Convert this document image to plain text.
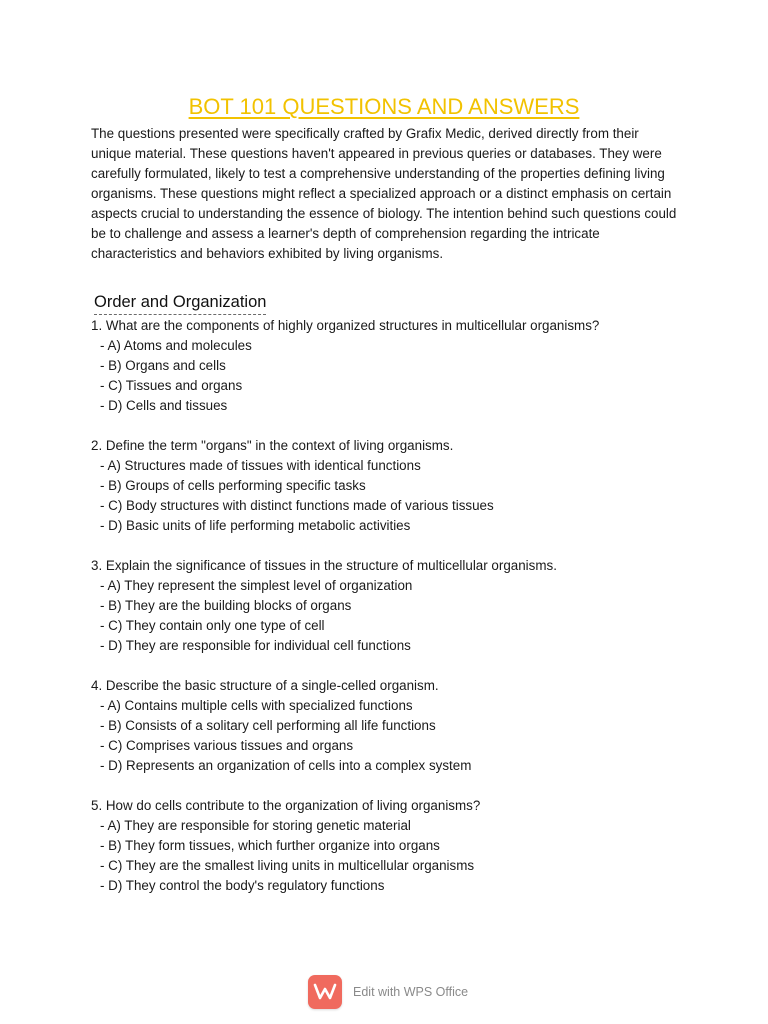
BOT 101 QUESTIONS AND ANSWERS

The questions presented were specifically crafted by Grafix Medic, derived directly from their unique material. These questions haven't appeared in previous queries or databases. They were carefully formulated, likely to test a comprehensive understanding of the properties defining living organisms. These questions might reflect a specialized approach or a distinct emphasis on certain aspects crucial to understanding the essence of biology. The intention behind such questions could be to challenge and assess a learner's depth of comprehension regarding the intricate characteristics and behaviors exhibited by living organisms.

Order and Organization

1. What are the components of highly organized structures in multicellular organisms?

- A) Atoms and molecules
- B) Organs and cells
- C) Tissues and organs
- D) Cells and tissues

2. Define the term "organs" in the context of living organisms.

- A) Structures made of tissues with identical functions
- B) Groups of cells performing specific tasks
- C) Body structures with distinct functions made of various tissues
- D) Basic units of life performing metabolic activities

3. Explain the significance of tissues in the structure of multicellular organisms.

- A) They represent the simplest level of organization
- B) They are the building blocks of organs
- C) They contain only one type of cell
- D) They are responsible for individual cell functions

4. Describe the basic structure of a single-celled organism.

- A) Contains multiple cells with specialized functions
- B) Consists of a solitary cell performing all life functions
- C) Comprises various tissues and organs
- D) Represents an organization of cells into a complex system

5. How do cells contribute to the organization of living organisms?

- A) They are responsible for storing genetic material
- B) They form tissues, which further organize into organs
- C) They are the smallest living units in multicellular organisms
- D) They control the body's regulatory functions
Edit with WPS Office
